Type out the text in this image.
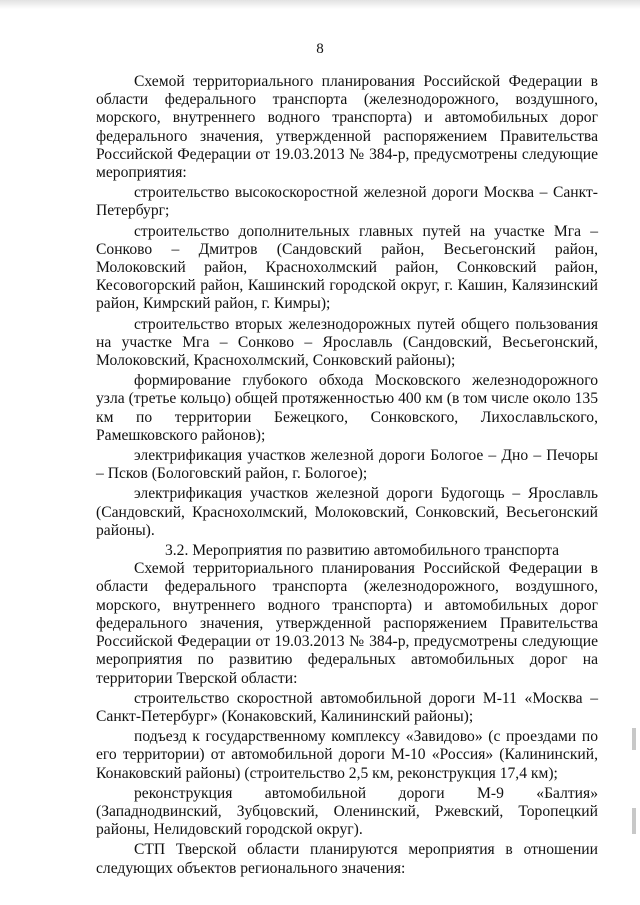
8

Схемой территориального планирования Российской Федерации в области федерального транспорта (железнодорожного, воздушного, морского, внутреннего водного транспорта) и автомобильных дорог федерального значения, утвержденной распоряжением Правительства Российской Федерации от 19.03.2013 № 384-р, предусмотрены следующие мероприятия:

строительство высокоскоростной железной дороги Москва – Санкт-Петербург;

строительство дополнительных главных путей на участке Мга – Сонково – Дмитров (Сандовский район, Весьегонский район, Молоковский район, Краснохолмский район, Сонковский район, Кесовогорский район, Кашинский городской округ, г. Кашин, Калязинский район, Кимрский район, г. Кимры);

строительство вторых железнодорожных путей общего пользования на участке Мга – Сонково – Ярославль (Сандовский, Весьегонский, Молоковский, Краснохолмский, Сонковский районы);

формирование глубокого обхода Московского железнодорожного узла (третье кольцо) общей протяженностью 400 км (в том числе около 135 км по территории Бежецкого, Сонковского, Лихославльского, Рамешковского районов);

электрификация участков железной дороги Бологое – Дно – Печоры – Псков (Бологовский район, г. Бологое);

электрификация участков железной дороги Будогощь – Ярославль (Сандовский, Краснохолмский, Молоковский, Сонковский, Весьегонский районы).

3.2. Мероприятия по развитию автомобильного транспорта

Схемой территориального планирования Российской Федерации в области федерального транспорта (железнодорожного, воздушного, морского, внутреннего водного транспорта) и автомобильных дорог федерального значения, утвержденной распоряжением Правительства Российской Федерации от 19.03.2013 № 384-р, предусмотрены следующие мероприятия по развитию федеральных автомобильных дорог на территории Тверской области:

строительство скоростной автомобильной дороги М-11 «Москва – Санкт-Петербург» (Конаковский, Калининский районы);

подъезд к государственному комплексу «Завидово» (с проездами по его территории) от автомобильной дороги М-10 «Россия» (Калининский, Конаковский районы) (строительство 2,5 км, реконструкция 17,4 км);

реконструкция автомобильной дороги М-9 «Балтия» (Западнодвинский, Зубцовский, Оленинский, Ржевский, Торопецкий районы, Нелидовский городской округ).

СТП Тверской области планируются мероприятия в отношении следующих объектов регионального значения:
